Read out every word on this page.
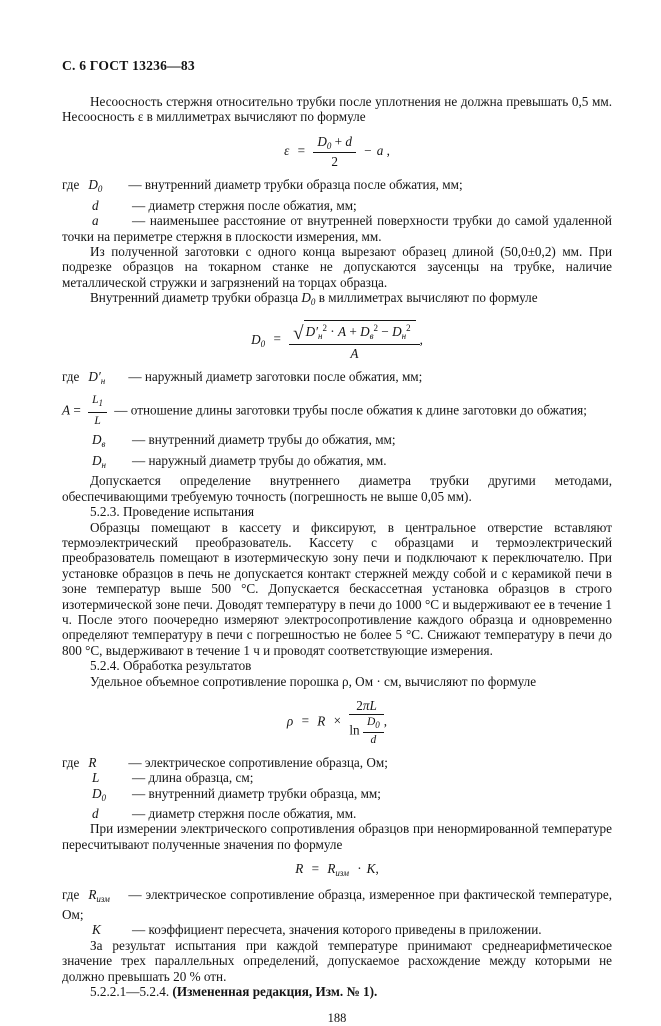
С. 6 ГОСТ 13236—83

Несоосность стержня относительно трубки после уплотнения не должна превышать 0,5 мм. Несоосность ε в миллиметрах вычисляют по формуле

$\varepsilon = \frac{D_0 + d}{2} - a$ ,

где $D_0$ — внутренний диаметр трубки образца после обжатия, мм;

d	— диаметр стержня после обжатия, мм;

a	— наименьшее расстояние от внутренней поверхности трубки до самой удаленной точки на периметре стержня в плоскости измерения, мм.

Из полученной заготовки с одного конца вырезают образец длиной (50,0±0,2) мм. При подрезке образцов на токарном станке не допускаются заусенцы на трубке, наличие металлической стружки и загрязнений на торцах образца.

Внутренний диаметр трубки образца $D_0$ в миллиметрах вычисляют по формуле

$D_0 = \frac{√ D'_н^2 \cdot A + D_в^2 - D_н^2}{A}$ ,

где $D'_н$ — наружный диаметр заготовки после обжатия, мм;

$A = \frac{L_1}{L}$ — отношение длины заготовки трубы после обжатия к длине заготовки до обжатия;

$D_в$ — внутренний диаметр трубы до обжатия, мм;

$D_н$ — наружный диаметр трубы до обжатия, мм.

Допускается определение внутреннего диаметра трубки другими методами, обеспечивающими требуемую точность (погрешность не выше 0,05 мм).

5.2.3. Проведение испытания

Образцы помещают в кассету и фиксируют, в центральное отверстие вставляют термоэлектрический преобразователь. Кассету с образцами и термоэлектрический преобразователь помещают в изотермическую зону печи и подключают к переключателю. При установке образцов в печь не допускается контакт стержней между собой и с керамикой печи в зоне температур выше 500 °С. Допускается бескассетная установка образцов в строго изотермической зоне печи. Доводят температуру в печи до 1000 °С и выдерживают ее в течение 1 ч. После этого поочередно измеряют электросопротивление каждого образца и одновременно определяют температуру в печи с погрешностью не более 5 °С. Снижают температуру в печи до 800 °С, выдерживают в течение 1 ч и проводят соответствующие измерения.

5.2.4. Обработка результатов

Удельное объемное сопротивление порошка ρ, Ом · см, вычисляют по формуле

$\rho = R \times \frac{2\pi L}{\ln \frac{D_0}{d}}$ ,

где R — электрическое сопротивление образца, Ом;

L — длина образца, см;

$D_0$ — внутренний диаметр трубки образца, мм;

d	— диаметр стержня после обжатия, мм.

При измерении электрического сопротивления образцов при ненормированной температуре пересчитывают полученные значения по формуле

$R = R_{изм} \cdot K$,

где $R_{изм}$ — электрическое сопротивление образца, измеренное при фактической температуре, Ом;

K — коэффициент пересчета, значения которого приведены в приложении.

За результат испытания при каждой температуре принимают среднеарифметическое значение трех параллельных определений, допускаемое расхождение между которыми не должно превышать 20 % отн.

5.2.2.1—5.2.4. (Измененная редакция, Изм. № 1).

188
